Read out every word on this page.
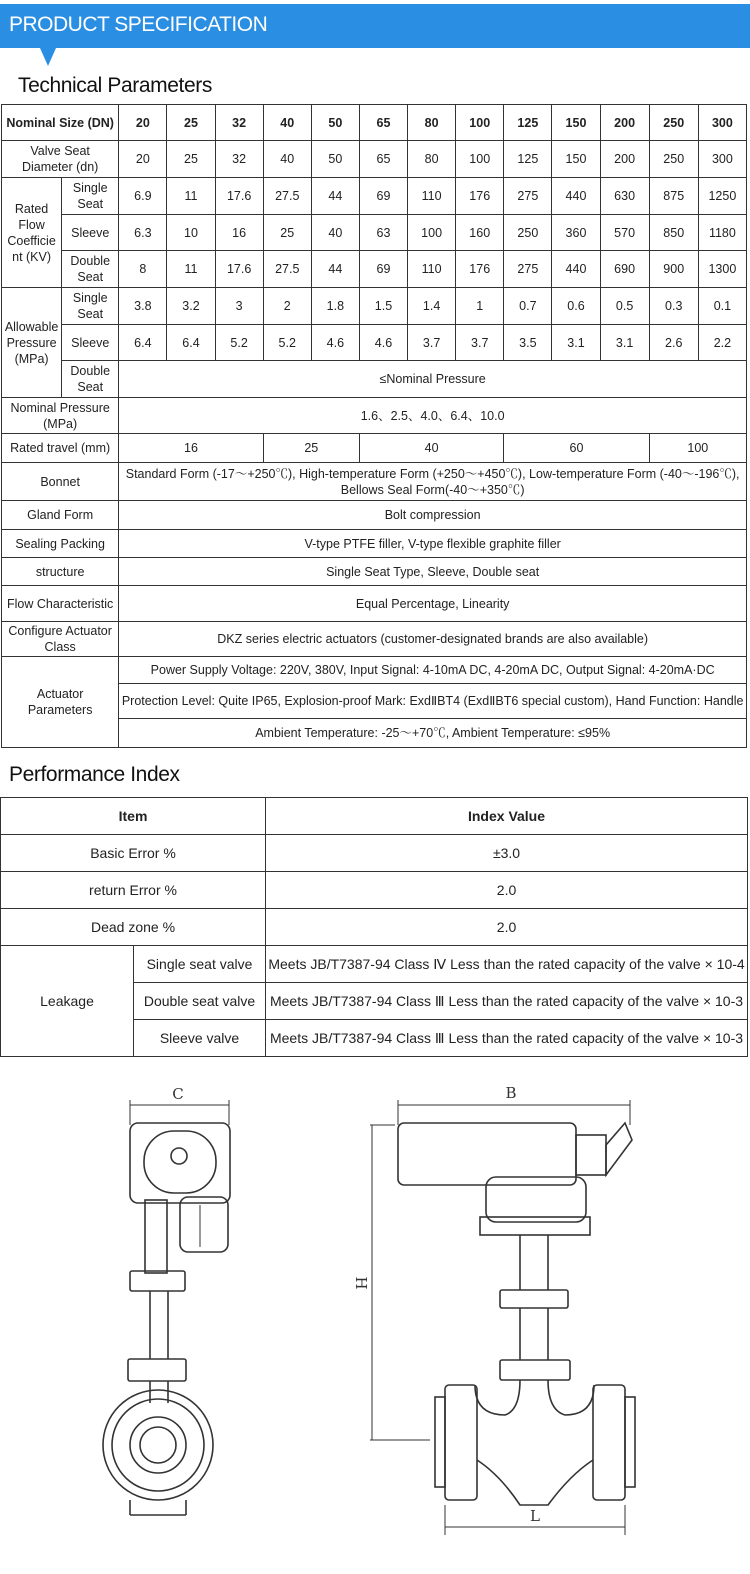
PRODUCT SPECIFICATION
Technical Parameters
Nominal Size (DN)		20	25	32	40	50	65	80	100	125	150	200	250	300
Valve Seat Diameter (dn)		20	25	32	40	50	65	80	100	125	150	200	250	300
Rated Flow Coefficie nt (KV)	Single Seat	6.9	11	17.6	27.5	44	69	110	176	275	440	630	875	1250
	Sleeve	6.3	10	16	25	40	63	100	160	250	360	570	850	1180
	Double Seat	8	11	17.6	27.5	44	69	110	176	275	440	690	900	1300
Allowable Pressure (MPa)	Single Seat	3.8	3.2	3	2	1.8	1.5	1.4	1	0.7	0.6	0.5	0.3	0.1
	Sleeve	6.4	6.4	5.2	5.2	4.6	4.6	3.7	3.7	3.5	3.1	3.1	2.6	2.2
	Double Seat	≤Nominal Pressure												
Nominal Pressure (MPa)		1.6、2.5、4.0、6.4、10.0												
Rated travel (mm)		16			25		40			60			100	
Bonnet		Standard Form (-17～+250℃), High-temperature Form (+250～+450℃), Low-temperature Form (-40～-196℃), Bellows Seal Form(-40～+350℃)												
Gland Form		Bolt compression												
Sealing Packing		V-type PTFE filler, V-type flexible graphite filler												
structure		Single Seat Type, Sleeve, Double seat												
Flow Characteristic		Equal Percentage, Linearity												
Configure Actuator Class		DKZ series electric actuators (customer-designated brands are also available)												
Actuator Parameters		Power Supply Voltage: 220V, 380V, Input Signal: 4-10mA DC, 4-20mA DC, Output Signal: 4-20mA·DC												
		Protection Level: Quite IP65, Explosion-proof Mark: ExdⅡBT4 (ExdⅡBT6 special custom), Hand Function: Handle												
		Ambient Temperature: -25～+70℃, Ambient Temperature: ≤95%												
Performance Index
Item		Index Value
Basic Error %		±3.0
return Error %		2.0
Dead zone %		2.0
Leakage	Single seat valve	Meets JB/T7387-94 Class Ⅳ Less than the rated capacity of the valve × 10-4
	Double seat valve	Meets JB/T7387-94 Class Ⅲ Less than the rated capacity of the valve × 10-3
	Sleeve valve	Meets JB/T7387-94 Class Ⅲ Less than the rated capacity of the valve × 10-3
C	B
H
L
